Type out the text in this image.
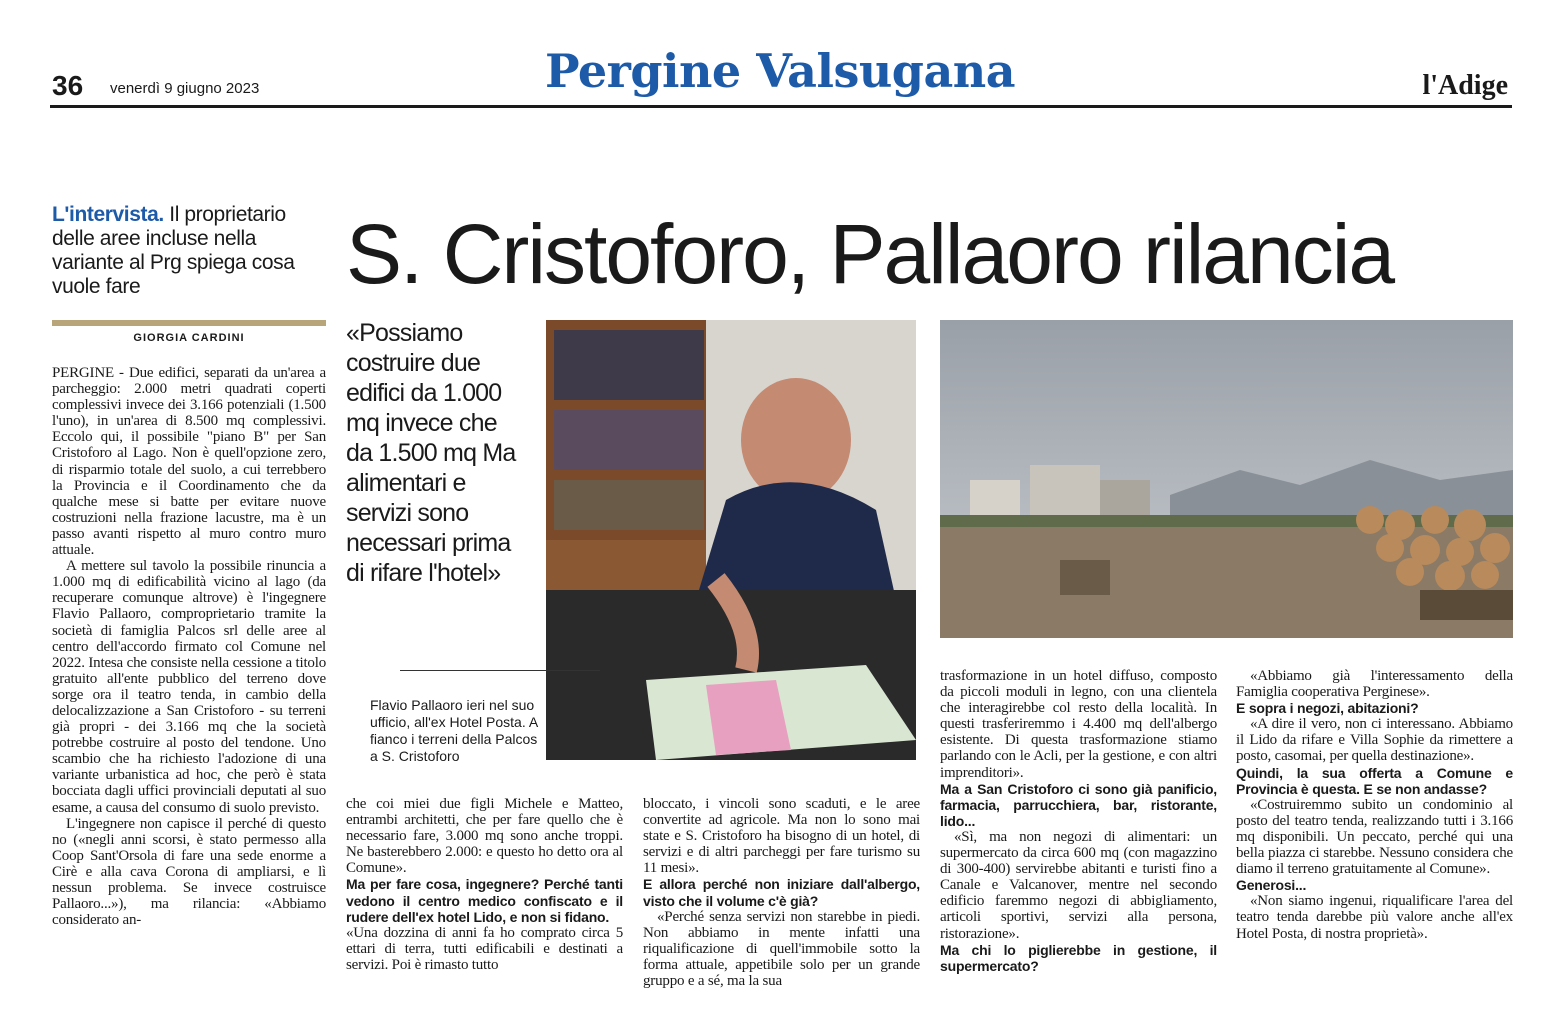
36 venerdì 9 giugno 2023	Pergine Valsugana	l'Adige
L'intervista. Il proprietario delle aree incluse nella variante al Prg spiega cosa vuole fare	S. Cristoforo, Pallaoro rilancia
GIORGIA CARDINI

PERGINE - Due edifici, separati da un'area a parcheggio: 2.000 metri quadrati coperti complessivi invece dei 3.166 potenziali (1.500 l'uno), in un'area di 8.500 mq complessivi. Eccolo qui, il possibile "piano B" per San Cristoforo al Lago. Non è quell'opzione zero, di risparmio totale del suolo, a cui terrebbero la Provincia e il Coordinamento che da qualche mese si batte per evitare nuove costruzioni nella frazione lacustre, ma è un passo avanti rispetto al muro contro muro attuale.

A mettere sul tavolo la possibile rinuncia a 1.000 mq di edificabilità vicino al lago (da recuperare comunque altrove) è l'ingegnere Flavio Pallaoro, comproprietario tramite la società di famiglia Palcos srl delle aree al centro dell'accordo firmato col Comune nel 2022. Intesa che consiste nella cessione a titolo gratuito all'ente pubblico del terreno dove sorge ora il teatro tenda, in cambio della delocalizzazione a San Cristoforo - su terreni già propri - dei 3.166 mq che la società potrebbe costruire al posto del tendone. Uno scambio che ha richiesto l'adozione di una variante urbanistica ad hoc, che però è stata bocciata dagli uffici provinciali deputati al suo esame, a causa del consumo di suolo previsto.

L'ingegnere non capisce il perché di questo no («negli anni scorsi, è stato permesso alla Coop Sant'Orsola di fare una sede enorme a Cirè e alla cava Corona di ampliarsi, e lì nessun problema. Se invece costruisce Pallaoro...»), ma rilancia: «Abbiamo considerato an-

«Possiamo costruire due edifici da 1.000 mq invece che da 1.500 mq Ma alimentari e servizi sono necessari prima di rifare l'hotel»
Flavio Pallaoro ieri nel suo ufficio, all'ex Hotel Posta. A fianco i terreni della Palcos a S. Cristoforo

che coi miei due figli Michele e Matteo, entrambi architetti, che per fare quello che è necessario fare, 3.000 mq sono anche troppi. Ne basterebbero 2.000: e questo ho detto ora al Comune».

Ma per fare cosa, ingegnere? Perché tanti vedono il centro medico confiscato e il rudere dell'ex hotel Lido, e non si fidano.

«Una dozzina di anni fa ho comprato circa 5 ettari di terra, tutti edificabili e destinati a servizi. Poi è rimasto tutto

bloccato, i vincoli sono scaduti, e le aree convertite ad agricole. Ma non lo sono mai state e S. Cristoforo ha bisogno di un hotel, di servizi e di altri parcheggi per fare turismo su 11 mesi».

E allora perché non iniziare dall'albergo, visto che il volume c'è già?

«Perché senza servizi non starebbe in piedi. Non abbiamo in mente infatti una riqualificazione di quell'immobile sotto la forma attuale, appetibile solo per un grande gruppo e a sé, ma la sua

trasformazione in un hotel diffuso, composto da piccoli moduli in legno, con una clientela che interagirebbe col resto della località. In questi trasferiremmo i 4.400 mq dell'albergo esistente. Di questa trasformazione stiamo parlando con le Acli, per la gestione, e con altri imprenditori».

Ma a San Cristoforo ci sono già panificio, farmacia, parrucchiera, bar, ristorante, lido...

«Sì, ma non negozi di alimentari: un supermercato da circa 600 mq (con magazzino di 300-400) servirebbe abitanti e turisti fino a Canale e Valcanover, mentre nel secondo edificio faremmo negozi di abbigliamento, articoli sportivi, servizi alla persona, ristorazione».

Ma chi lo piglierebbe in gestione, il supermercato?

«Abbiamo già l'interessamento della Famiglia cooperativa Perginese».

E sopra i negozi, abitazioni?

«A dire il vero, non ci interessano. Abbiamo il Lido da rifare e Villa Sophie da rimettere a posto, casomai, per quella destinazione».

Quindi, la sua offerta a Comune e Provincia è questa. E se non andasse?

«Costruiremmo subito un condominio al posto del teatro tenda, realizzando tutti i 3.166 mq disponibili. Un peccato, perché qui una bella piazza ci starebbe. Nessuno considera che diamo il terreno gratuitamente al Comune».

Generosi...

«Non siamo ingenui, riqualificare l'area del teatro tenda darebbe più valore anche all'ex Hotel Posta, di nostra proprietà».
